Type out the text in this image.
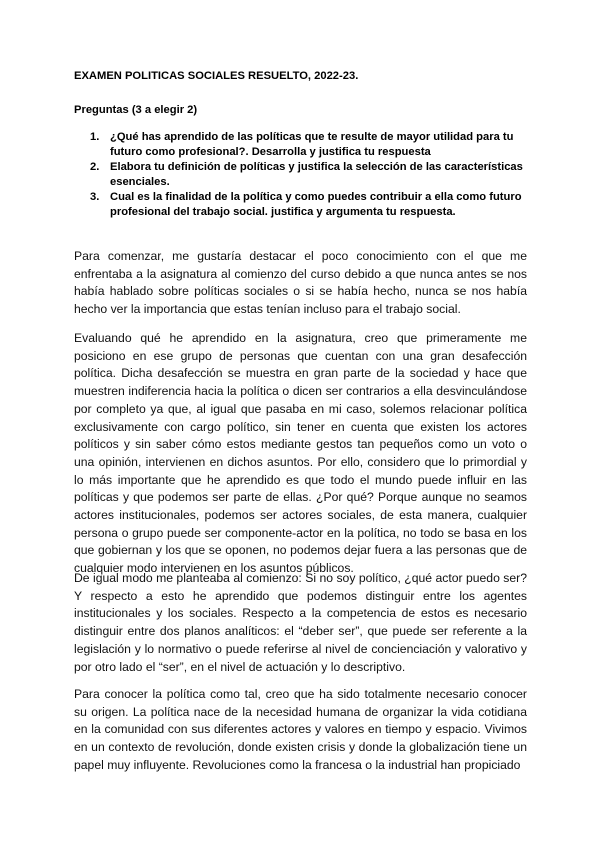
EXAMEN POLITICAS SOCIALES RESUELTO, 2022-23.
Preguntas (3 a elegir 2)
1. ¿Qué has aprendido de las políticas que te resulte de mayor utilidad para tu futuro como profesional?. Desarrolla y justifica tu respuesta
2. Elabora tu definición de políticas y justifica la selección de las características esenciales.
3. Cual es la finalidad de la política y como puedes contribuir a ella como futuro profesional del trabajo social. justifica y argumenta tu respuesta.

Para comenzar, me gustaría destacar el poco conocimiento con el que me enfrentaba a la asignatura al comienzo del curso debido a que nunca antes se nos había hablado sobre políticas sociales o si se había hecho, nunca se nos había hecho ver la importancia que estas tenían incluso para el trabajo social.

Evaluando qué he aprendido en la asignatura, creo que primeramente me posiciono en ese grupo de personas que cuentan con una gran desafección política. Dicha desafección se muestra en gran parte de la sociedad y hace que muestren indiferencia hacia la política o dicen ser contrarios a ella desvinculándose por completo ya que, al igual que pasaba en mi caso, solemos relacionar política exclusivamente con cargo político, sin tener en cuenta que existen los actores políticos y sin saber cómo estos mediante gestos tan pequeños como un voto o una opinión, intervienen en dichos asuntos. Por ello, considero que lo primordial y lo más importante que he aprendido es que todo el mundo puede influir en las políticas y que podemos ser parte de ellas. ¿Por qué? Porque aunque no seamos actores institucionales, podemos ser actores sociales, de esta manera, cualquier persona o grupo puede ser componente-actor en la política, no todo se basa en los que gobiernan y los que se oponen, no podemos dejar fuera a las personas que de cualquier modo intervienen en los asuntos públicos.

De igual modo me planteaba al comienzo: Si no soy político, ¿qué actor puedo ser? Y respecto a esto he aprendido que podemos distinguir entre los agentes institucionales y los sociales. Respecto a la competencia de estos es necesario distinguir entre dos planos analíticos: el “deber ser”, que puede ser referente a la legislación y lo normativo o puede referirse al nivel de concienciación y valorativo y por otro lado el “ser”, en el nivel de actuación y lo descriptivo.

Para conocer la política como tal, creo que ha sido totalmente necesario conocer su origen. La política nace de la necesidad humana de organizar la vida cotidiana en la comunidad con sus diferentes actores y valores en tiempo y espacio. Vivimos en un contexto de revolución, donde existen crisis y donde la globalización tiene un papel muy influyente. Revoluciones como la francesa o la industrial han propiciado
